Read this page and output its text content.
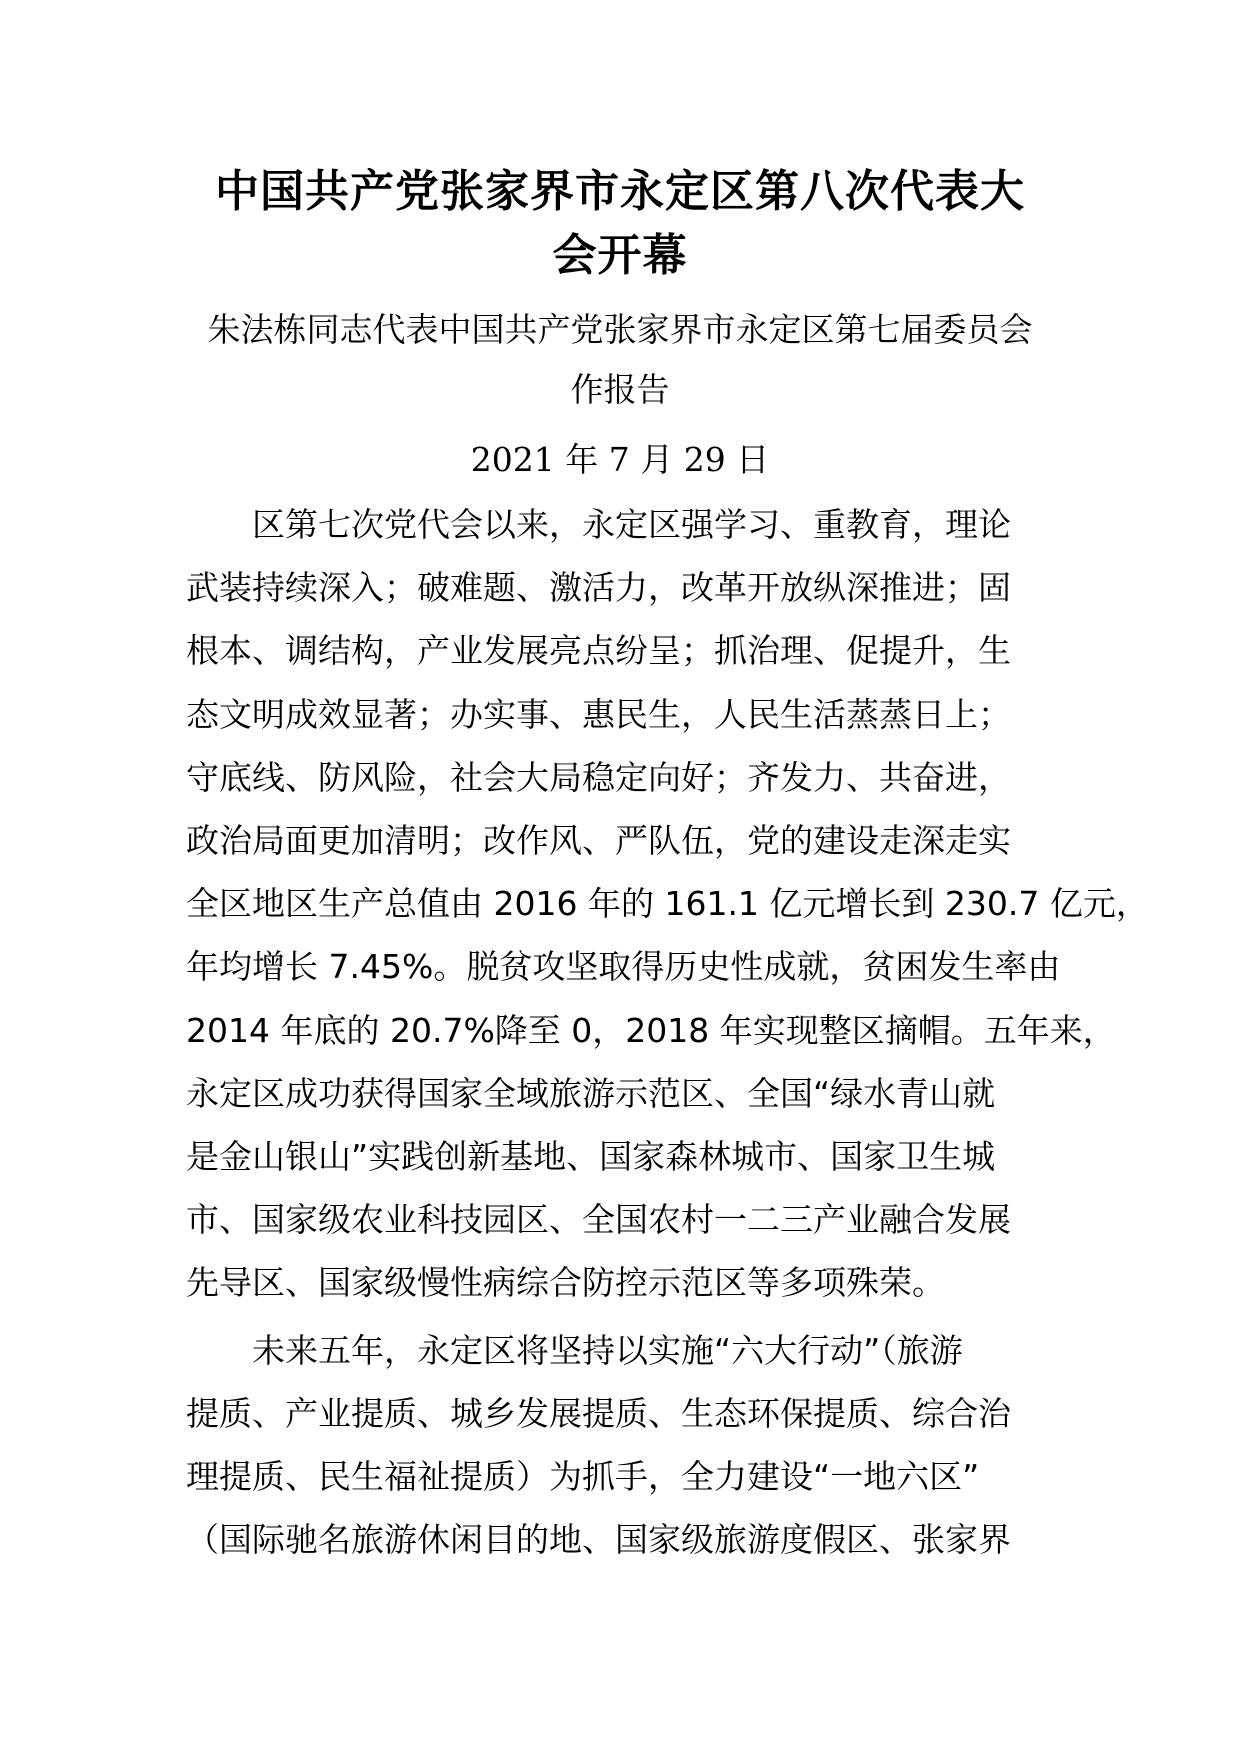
中国共产党张家界市永定区第八次代表大
会开幕
朱法栋同志代表中国共产党张家界市永定区第七届委员会
作报告
2021 年 7 月 29 日

区第七次党代会以来，永定区强学习、重教育，理论
武装持续深入；破难题、激活力，改革开放纵深推进；固
根本、调结构，产业发展亮点纷呈；抓治理、促提升，生
态文明成效显著；办实事、惠民生，人民生活蒸蒸日上；
守底线、防风险，社会大局稳定向好；齐发力、共奋进，
政治局面更加清明；改作风、严队伍，党的建设走深走实
全区地区生产总值由 2016 年的 161.1 亿元增长到 230.7 亿元，
年均增长 7.45%。脱贫攻坚取得历史性成就，贫困发生率由
2014 年底的 20.7%降至 0，2018 年实现整区摘帽。五年来，
永定区成功获得国家全域旅游示范区、全国“绿水青山就
是金山银山”实践创新基地、国家森林城市、国家卫生城
市、国家级农业科技园区、全国农村一二三产业融合发展
先导区、国家级慢性病综合防控示范区等多项殊荣。

未来五年，永定区将坚持以实施“六大行动”（旅游
提质、产业提质、城乡发展提质、生态环保提质、综合治
理提质、民生福祉提质）为抓手，全力建设“一地六区”
（国际驰名旅游休闲目的地、国家级旅游度假区、张家界
